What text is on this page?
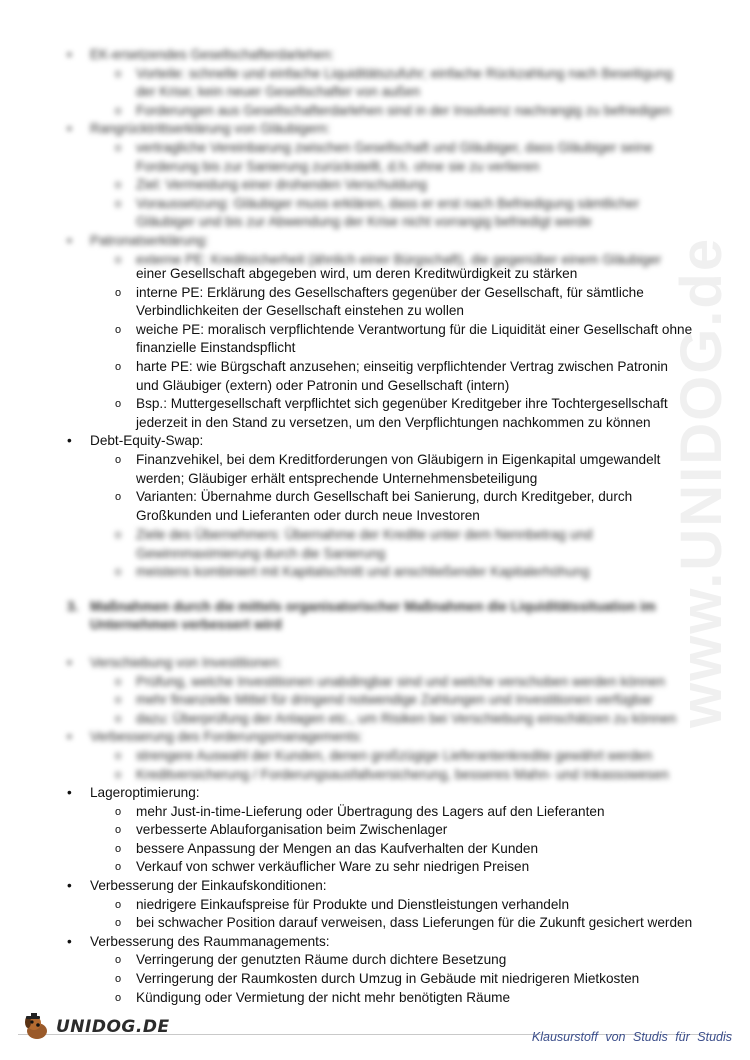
www.UNIDOG.de
• EK-ersetzendes Gesellschafterdarlehen:
o Vorteile: schnelle und einfache Liquiditätszufuhr; einfache Rückzahlung nach Beseitigung
der Krise; kein neuer Gesellschafter von außen
o Forderungen aus Gesellschafterdarlehen sind in der Insolvenz nachrangig zu befriedigen
• Rangrücktrittserklärung von Gläubigern:
o vertragliche Vereinbarung zwischen Gesellschaft und Gläubiger, dass Gläubiger seine
Forderung bis zur Sanierung zurückstellt, d.h. ohne sie zu verlieren
o Ziel: Vermeidung einer drohenden Verschuldung
o Voraussetzung: Gläubiger muss erklären, dass er erst nach Befriedigung sämtlicher
Gläubiger und bis zur Abwendung der Krise nicht vorrangig befriedigt werde
• Patronatserklärung:
o externe PE: Kreditsicherheit (ähnlich einer Bürgschaft), die gegenüber einem Gläubiger
einer Gesellschaft abgegeben wird, um deren Kreditwürdigkeit zu stärken
o interne PE: Erklärung des Gesellschafters gegenüber der Gesellschaft, für sämtliche
Verbindlichkeiten der Gesellschaft einstehen zu wollen
o weiche PE: moralisch verpflichtende Verantwortung für die Liquidität einer Gesellschaft ohne
finanzielle Einstandspflicht
o harte PE: wie Bürgschaft anzusehen; einseitig verpflichtender Vertrag zwischen Patronin
und Gläubiger (extern) oder Patronin und Gesellschaft (intern)
o Bsp.: Muttergesellschaft verpflichtet sich gegenüber Kreditgeber ihre Tochtergesellschaft
jederzeit in den Stand zu versetzen, um den Verpflichtungen nachkommen zu können
• Debt-Equity-Swap:
o Finanzvehikel, bei dem Kreditforderungen von Gläubigern in Eigenkapital umgewandelt
werden; Gläubiger erhält entsprechende Unternehmensbeteiligung
o Varianten: Übernahme durch Gesellschaft bei Sanierung, durch Kreditgeber, durch
Großkunden und Lieferanten oder durch neue Investoren
o Ziele des Übernehmers: Übernahme der Kredite unter dem Nennbetrag und
Gewinnmaximierung durch die Sanierung
o meistens kombiniert mit Kapitalschnitt und anschließender Kapitalerhöhung
3. Maßnahmen durch die mittels organisatorischer Maßnahmen die Liquiditätssituation im
Unternehmen verbessert wird
• Verschiebung von Investitionen:
o Prüfung, welche Investitionen unabdingbar sind und welche verschoben werden können
o mehr finanzielle Mittel für dringend notwendige Zahlungen und Investitionen verfügbar
o dazu: Überprüfung der Anlagen etc., um Risiken bei Verschiebung einschätzen zu können
• Verbesserung des Forderungsmanagements:
o strengere Auswahl der Kunden, denen großzügige Lieferantenkredite gewährt werden
o Kreditversicherung / Forderungsausfallversicherung, besseres Mahn- und Inkassowesen
• Lageroptimierung:
o mehr Just-in-time-Lieferung oder Übertragung des Lagers auf den Lieferanten
o verbesserte Ablauforganisation beim Zwischenlager
o bessere Anpassung der Mengen an das Kaufverhalten der Kunden
o Verkauf von schwer verkäuflicher Ware zu sehr niedrigen Preisen
• Verbesserung der Einkaufskonditionen:
o niedrigere Einkaufspreise für Produkte und Dienstleistungen verhandeln
o bei schwacher Position darauf verweisen, dass Lieferungen für die Zukunft gesichert werden
• Verbesserung des Raummanagements:
o Verringerung der genutzten Räume durch dichtere Besetzung
o Verringerung der Raumkosten durch Umzug in Gebäude mit niedrigeren Mietkosten
o Kündigung oder Vermietung der nicht mehr benötigten Räume
UNIDOG.DE	Klausurstoff von Studis für Studis
